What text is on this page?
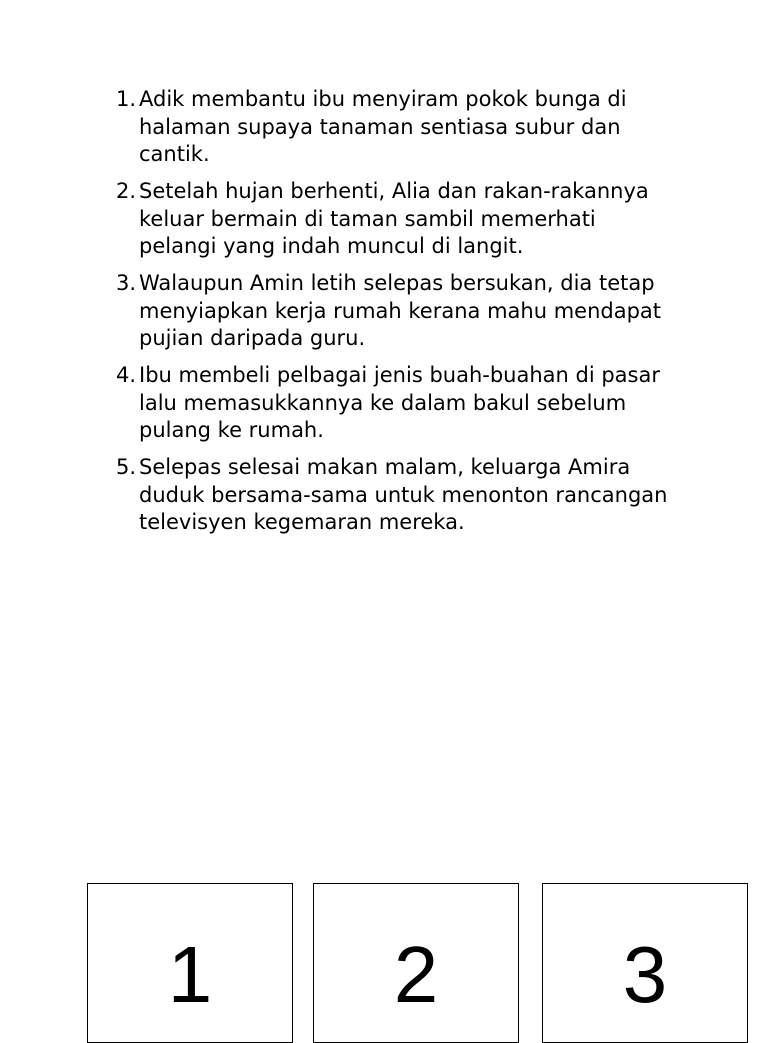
1. Adik membantu ibu menyiram pokok bunga di halaman supaya tanaman sentiasa subur dan cantik.
2. Setelah hujan berhenti, Alia dan rakan-rakannya keluar bermain di taman sambil memerhati pelangi yang indah muncul di langit.
3. Walaupun Amin letih selepas bersukan, dia tetap menyiapkan kerja rumah kerana mahu mendapat pujian daripada guru.
4. Ibu membeli pelbagai jenis buah-buahan di pasar lalu memasukkannya ke dalam bakul sebelum pulang ke rumah.
5. Selepas selesai makan malam, keluarga Amira duduk bersama-sama untuk menonton rancangan televisyen kegemaran mereka.
1	2	3
